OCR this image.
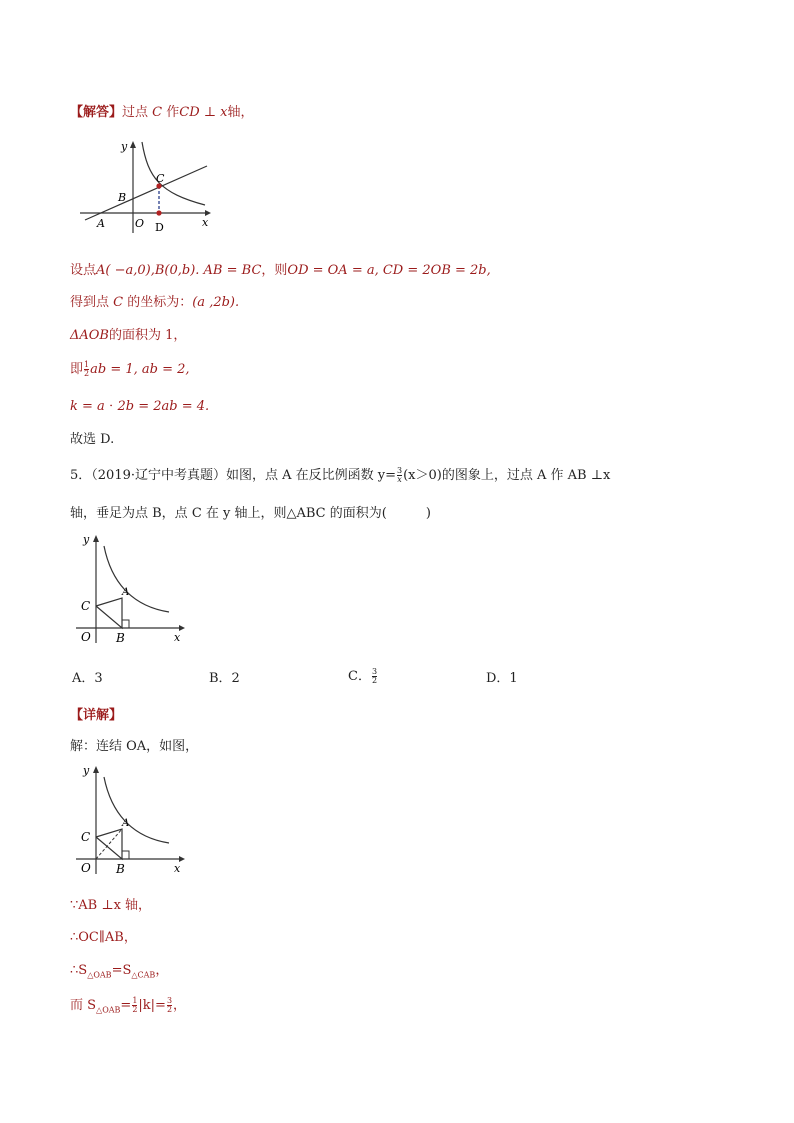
【解答】过点 C 作CD ⊥ x轴，
y
x
B
C
O
A	D
设点A( −a,0),B(0,b). AB = BC，则OD = OA = a, CD = 2OB = 2b,
得到点 C 的坐标为：(a ,2b).
ΔAOB的面积为 1，
即 $\frac{1}{2}$ ab = 1, ab = 2,
k = a ⋅ 2b = 2ab = 4.
故选 D.
5．（2019·辽宁中考真题）如图，点 A 在反比例函数 $y= \frac{3}{x} (x>0)$的图象上，过点 A 作 AB ⊥x
轴，垂足为点 B，点 C 在 y 轴上，则△ABC 的面积为(　　　)
y
x
C
A
O B
A．3	B．2	C． $\frac{3}{2}$	D．1
【详解】
解：连结 OA，如图，
y
x
C
A
O B
∵AB ⊥x 轴，
∴OC∥AB，
$\therefore S_{\triangle OAB}=S_{\triangle CAB}$，
而 $S_{\triangle OAB}= \frac{1}{2} |k|= \frac{3}{2}$ ，
